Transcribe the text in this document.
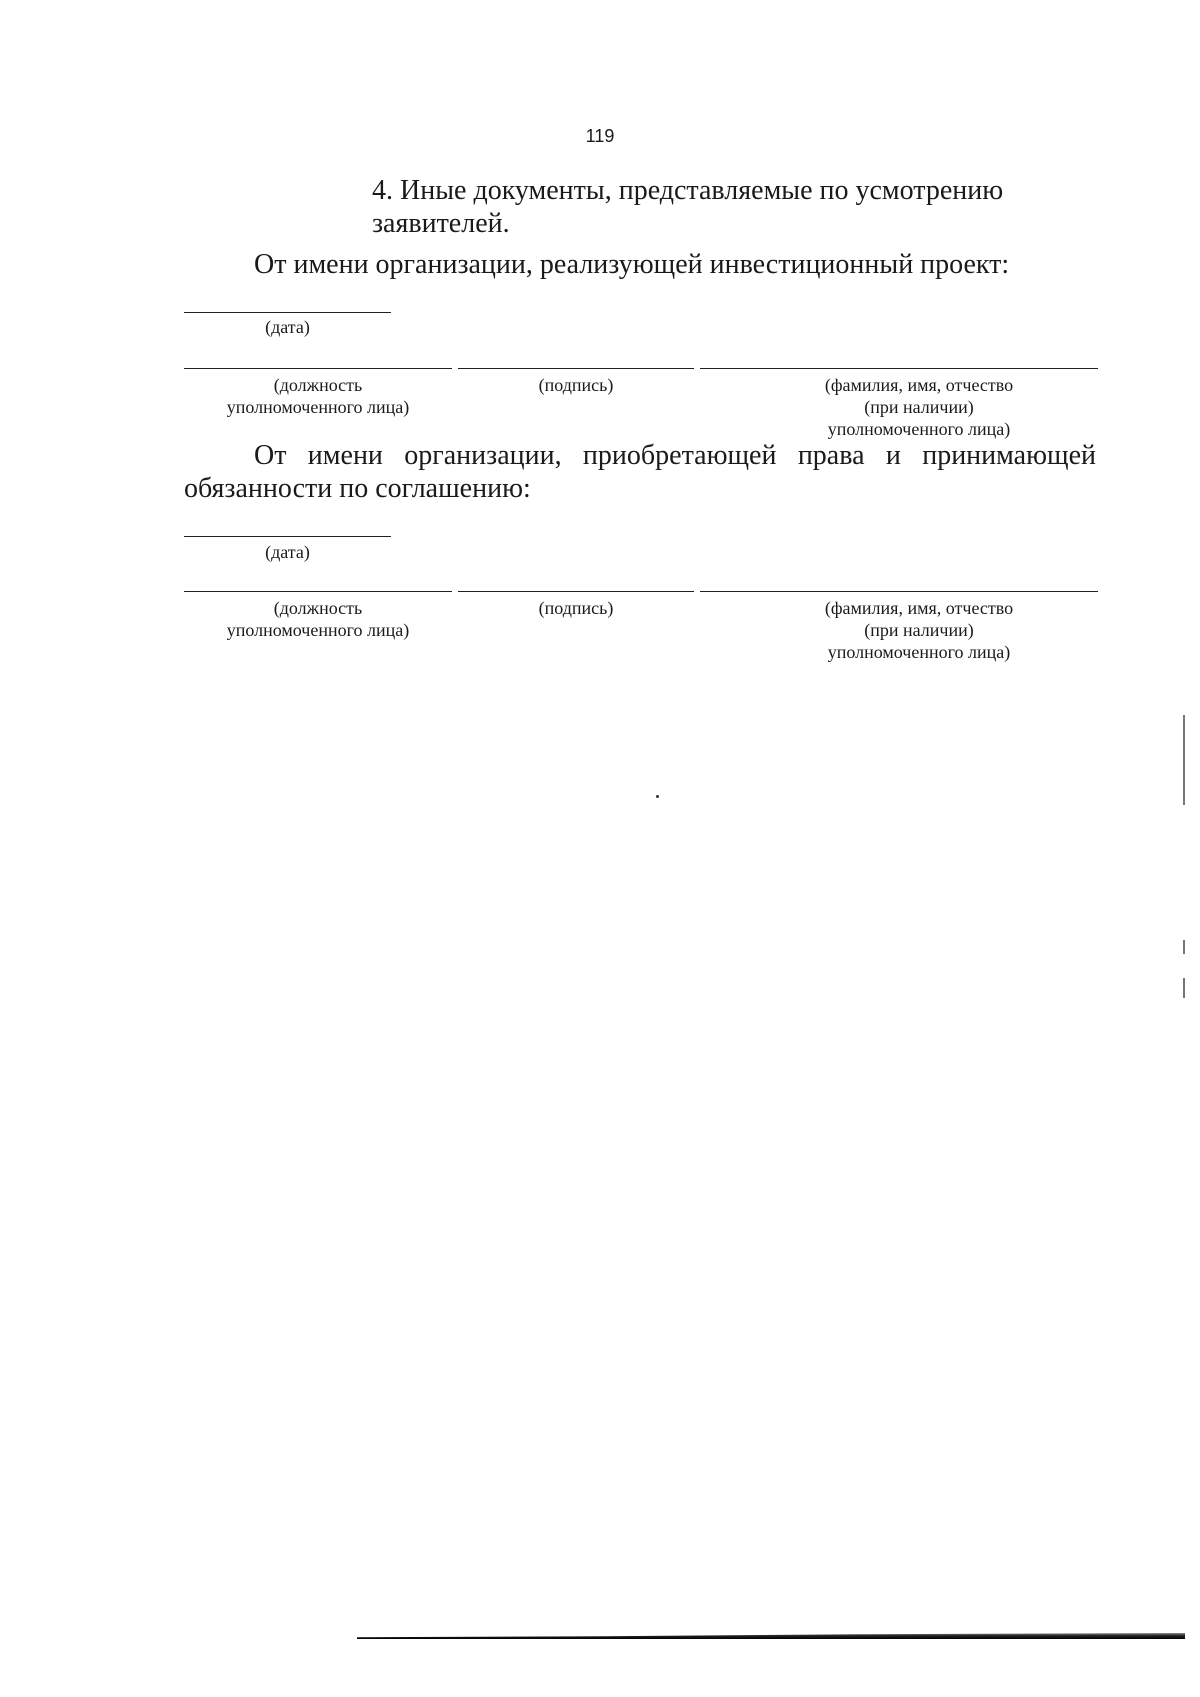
119

4. Иные документы, представляемые по усмотрению заявителей.

От имени организации, реализующей инвестиционный проект:

(дата)
(должность
уполномоченного лица)
(подпись)	(фамилия, имя, отчество
(при наличии)
уполномоченного лица)

От имени организации, приобретающей права и принимающей обязанности по соглашению:

(дата)
(должность
уполномоченного лица)
(подпись)	(фамилия, имя, отчество
(при наличии)
уполномоченного лица)
